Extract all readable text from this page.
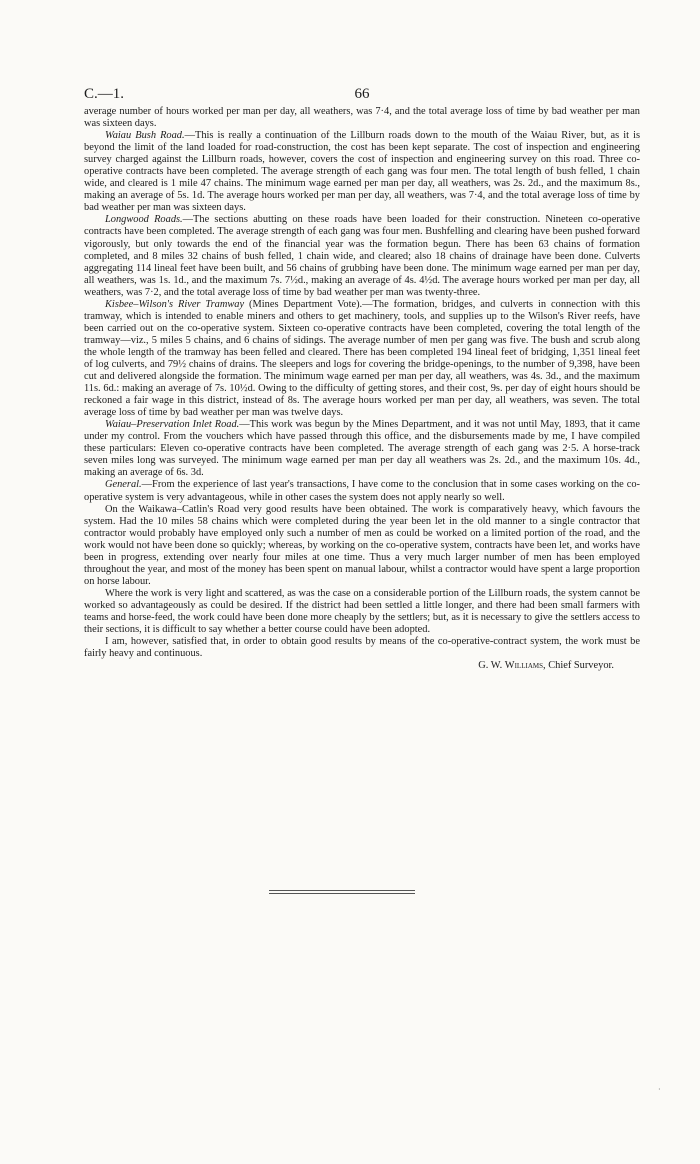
C.—1.	66

average number of hours worked per man per day, all weathers, was 7·4, and the total average loss of time by bad weather per man was sixteen days.

Waiau Bush Road.—This is really a continuation of the Lillburn roads down to the mouth of the Waiau River, but, as it is beyond the limit of the land loaded for road-construction, the cost has been kept separate. The cost of inspection and engineering survey charged against the Lillburn roads, however, covers the cost of inspection and engineering survey on this road. Three co-operative contracts have been completed. The average strength of each gang was four men. The total length of bush felled, 1 chain wide, and cleared is 1 mile 47 chains. The minimum wage earned per man per day, all weathers, was 2s. 2d., and the maximum 8s., making an average of 5s. 1d. The average hours worked per man per day, all weathers, was 7·4, and the total average loss of time by bad weather per man was sixteen days.

Longwood Roads.—The sections abutting on these roads have been loaded for their construction. Nineteen co-operative contracts have been completed. The average strength of each gang was four men. Bushfelling and clearing have been pushed forward vigorously, but only towards the end of the financial year was the formation begun. There has been 63 chains of formation completed, and 8 miles 32 chains of bush felled, 1 chain wide, and cleared; also 18 chains of drainage have been done. Culverts aggregating 114 lineal feet have been built, and 56 chains of grubbing have been done. The minimum wage earned per man per day, all weathers, was 1s. 1d., and the maximum 7s. 7½d., making an average of 4s. 4½d. The average hours worked per man per day, all weathers, was 7·2, and the total average loss of time by bad weather per man was twenty-three.

Kisbee–Wilson's River Tramway (Mines Department Vote).—The formation, bridges, and culverts in connection with this tramway, which is intended to enable miners and others to get machinery, tools, and supplies up to the Wilson's River reefs, have been carried out on the co-operative system. Sixteen co-operative contracts have been completed, covering the total length of the tramway—viz., 5 miles 5 chains, and 6 chains of sidings. The average number of men per gang was five. The bush and scrub along the whole length of the tramway has been felled and cleared. There has been completed 194 lineal feet of bridging, 1,351 lineal feet of log culverts, and 79½ chains of drains. The sleepers and logs for covering the bridge-openings, to the number of 9,398, have been cut and delivered alongside the formation. The minimum wage earned per man per day, all weathers, was 4s. 3d., and the maximum 11s. 6d.: making an average of 7s. 10½d. Owing to the difficulty of getting stores, and their cost, 9s. per day of eight hours should be reckoned a fair wage in this district, instead of 8s. The average hours worked per man per day, all weathers, was seven. The total average loss of time by bad weather per man was twelve days.

Waiau–Preservation Inlet Road.—This work was begun by the Mines Department, and it was not until May, 1893, that it came under my control. From the vouchers which have passed through this office, and the disbursements made by me, I have compiled these particulars: Eleven co-operative contracts have been completed. The average strength of each gang was 2·5. A horse-track seven miles long was surveyed. The minimum wage earned per man per day all weathers was 2s. 2d., and the maximum 10s. 4d., making an average of 6s. 3d.

General.—From the experience of last year's transactions, I have come to the conclusion that in some cases working on the co-operative system is very advantageous, while in other cases the system does not apply nearly so well.

On the Waikawa–Catlin's Road very good results have been obtained. The work is comparatively heavy, which favours the system. Had the 10 miles 58 chains which were completed during the year been let in the old manner to a single contractor that contractor would probably have employed only such a number of men as could be worked on a limited portion of the road, and the work would not have been done so quickly; whereas, by working on the co-operative system, contracts have been let, and works have been in progress, extending over nearly four miles at one time. Thus a very much larger number of men has been employed throughout the year, and most of the money has been spent on manual labour, whilst a contractor would have spent a large proportion on horse labour.

Where the work is very light and scattered, as was the case on a considerable portion of the Lillburn roads, the system cannot be worked so advantageously as could be desired. If the district had been settled a little longer, and there had been small farmers with teams and horse-feed, the work could have been done more cheaply by the settlers; but, as it is necessary to give the settlers access to their sections, it is difficult to say whether a better course could have been adopted.

I am, however, satisfied that, in order to obtain good results by means of the co-operative-contract system, the work must be fairly heavy and continuous.

G. W. Williams, Chief Surveyor.
·
